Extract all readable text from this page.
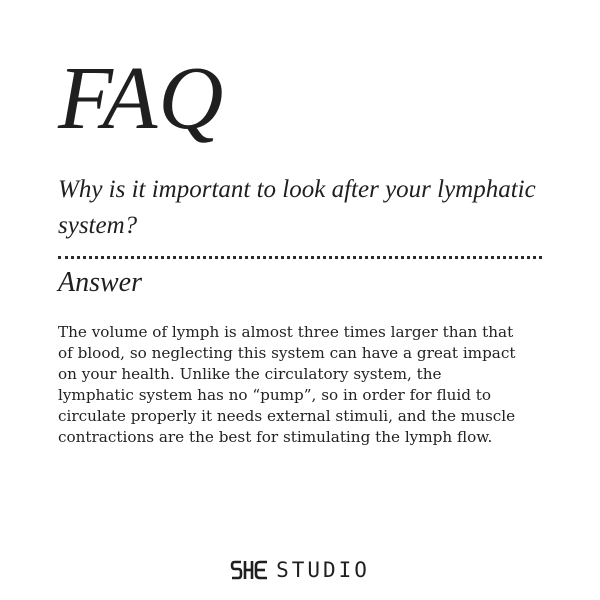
FAQ

Why is it important to look after your lymphatic system?

Answer

The volume of lymph is almost three times larger than that
of blood, so neglecting this system can have a great impact
on your health. Unlike the circulatory system, the
lymphatic system has no “pump”, so in order for fluid to
circulate properly it needs external stimuli, and the muscle
contractions are the best for stimulating the lymph flow.

STUDIO
